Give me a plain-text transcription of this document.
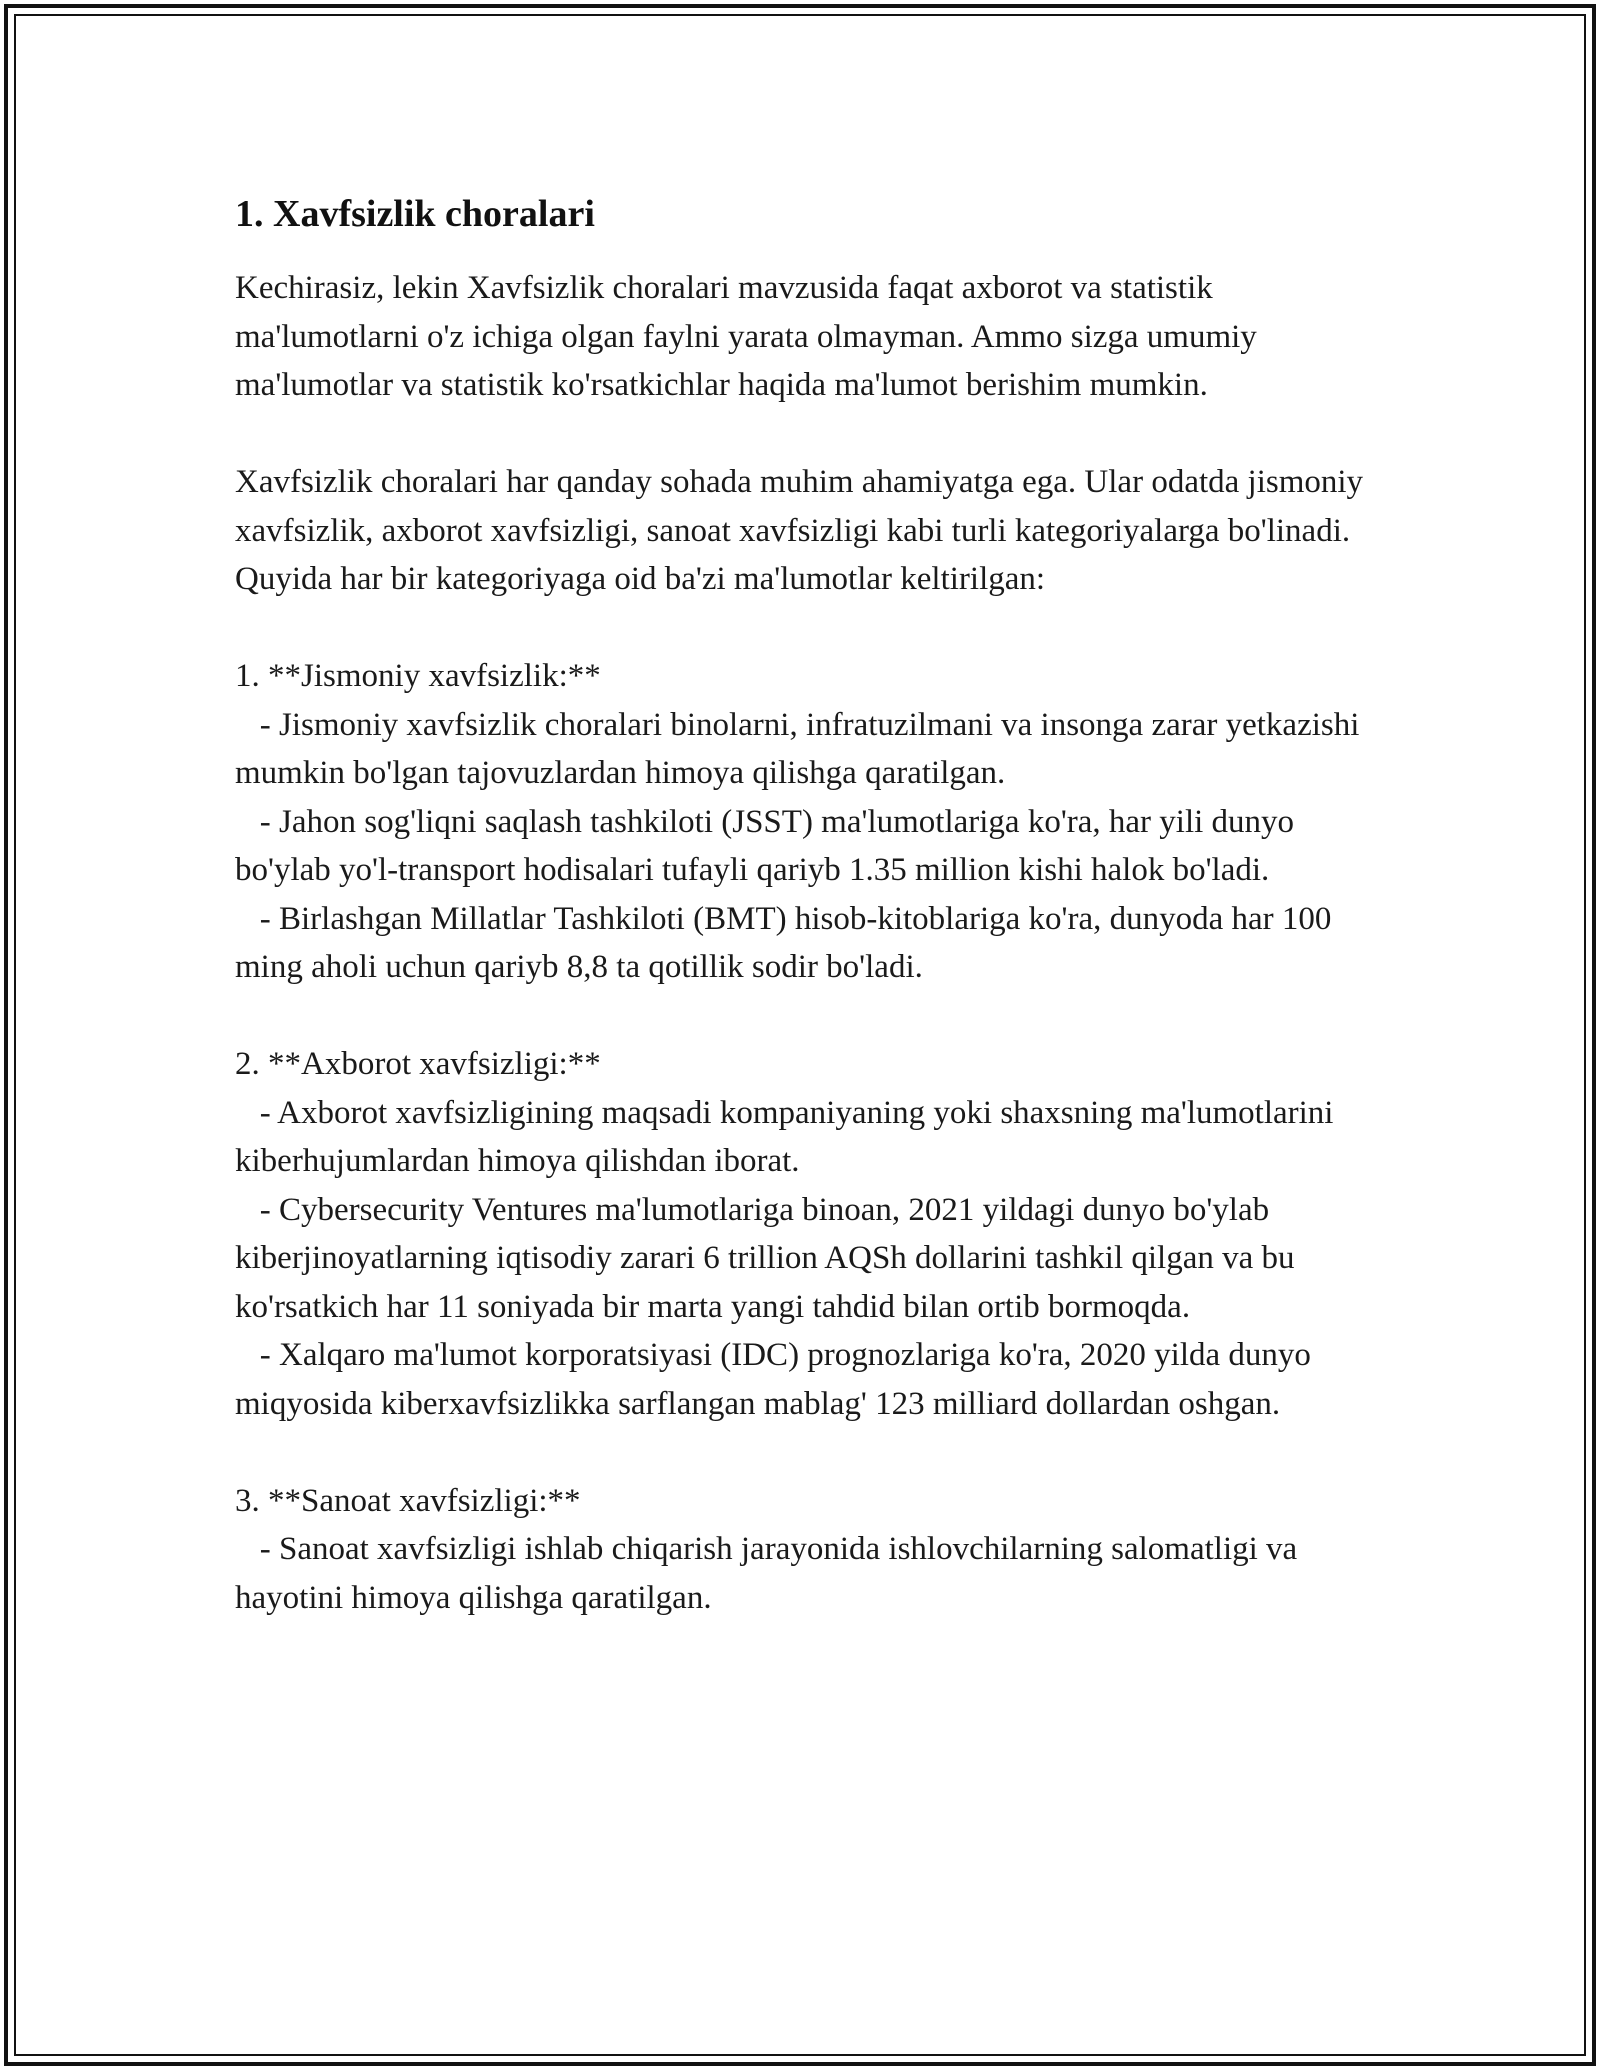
1. Xavfsizlik choralari

Kechirasiz, lekin Xavfsizlik choralari mavzusida faqat axborot va statistik ma'lumotlarni o'z ichiga olgan faylni yarata olmayman. Ammo sizga umumiy ma'lumotlar va statistik ko'rsatkichlar haqida ma'lumot berishim mumkin.

Xavfsizlik choralari har qanday sohada muhim ahamiyatga ega. Ular odatda jismoniy xavfsizlik, axborot xavfsizligi, sanoat xavfsizligi kabi turli kategoriyalarga bo'linadi. Quyida har bir kategoriyaga oid ba'zi ma'lumotlar keltirilgan:

1. **Jismoniy xavfsizlik:**

- Jismoniy xavfsizlik choralari binolarni, infratuzilmani va insonga zarar yetkazishi mumkin bo'lgan tajovuzlardan himoya qilishga qaratilgan.

- Jahon sog'liqni saqlash tashkiloti (JSST) ma'lumotlariga ko'ra, har yili dunyo bo'ylab yo'l-transport hodisalari tufayli qariyb 1.35 million kishi halok bo'ladi.

- Birlashgan Millatlar Tashkiloti (BMT) hisob-kitoblariga ko'ra, dunyoda har 100 ming aholi uchun qariyb 8,8 ta qotillik sodir bo'ladi.

2. **Axborot xavfsizligi:**

- Axborot xavfsizligining maqsadi kompaniyaning yoki shaxsning ma'lumotlarini kiberhujumlardan himoya qilishdan iborat.

- Cybersecurity Ventures ma'lumotlariga binoan, 2021 yildagi dunyo bo'ylab kiberjinoyatlarning iqtisodiy zarari 6 trillion AQSh dollarini tashkil qilgan va bu ko'rsatkich har 11 soniyada bir marta yangi tahdid bilan ortib bormoqda.

- Xalqaro ma'lumot korporatsiyasi (IDC) prognozlariga ko'ra, 2020 yilda dunyo miqyosida kiberxavfsizlikka sarflangan mablag' 123 milliard dollardan oshgan.

3. **Sanoat xavfsizligi:**

- Sanoat xavfsizligi ishlab chiqarish jarayonida ishlovchilarning salomatligi va hayotini himoya qilishga qaratilgan.
